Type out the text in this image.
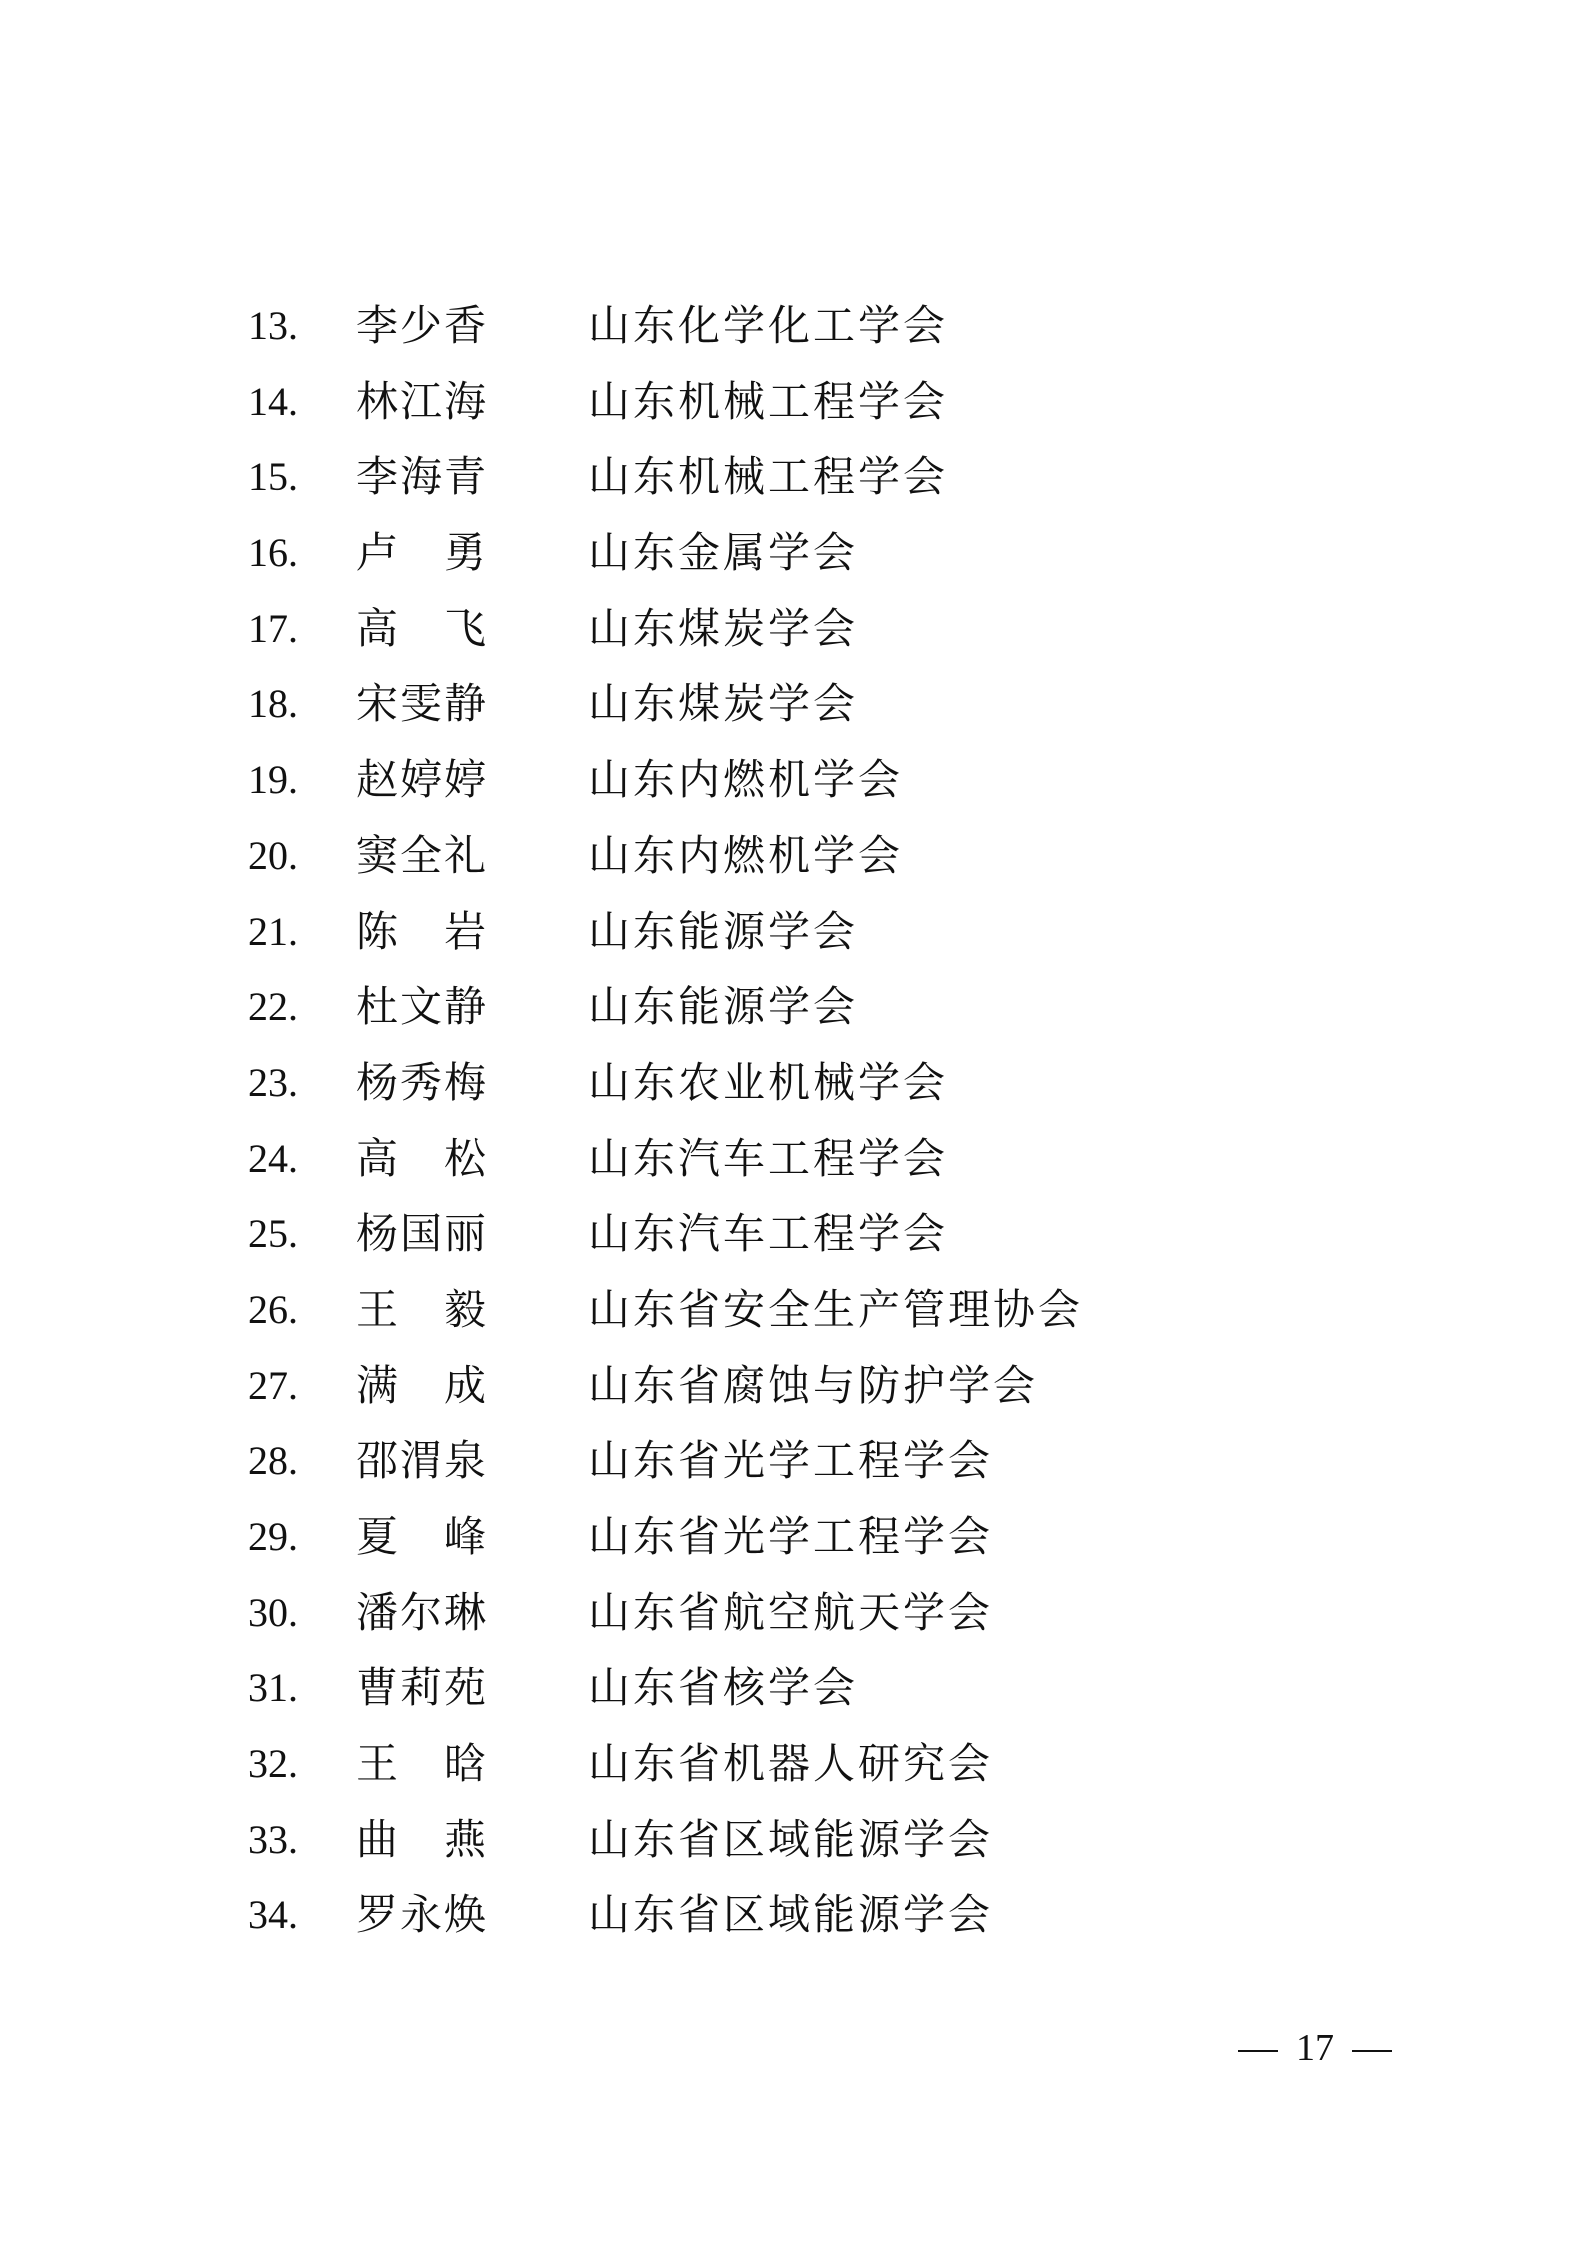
13. 李少香 山东化学化工学会
14. 林江海 山东机械工程学会
15. 李海青 山东机械工程学会
16. 卢　勇 山东金属学会
17. 高　飞 山东煤炭学会
18. 宋雯静 山东煤炭学会
19. 赵婷婷 山东内燃机学会
20. 窦全礼 山东内燃机学会
21. 陈　岩 山东能源学会
22. 杜文静 山东能源学会
23. 杨秀梅 山东农业机械学会
24. 高　松 山东汽车工程学会
25. 杨国丽 山东汽车工程学会
26. 王　毅 山东省安全生产管理协会
27. 满　成 山东省腐蚀与防护学会
28. 邵渭泉 山东省光学工程学会
29. 夏　峰 山东省光学工程学会
30. 潘尔琳 山东省航空航天学会
31. 曹莉苑 山东省核学会
32. 王　晗 山东省机器人研究会
33. 曲　燕 山东省区域能源学会
34. 罗永焕 山东省区域能源学会
17
